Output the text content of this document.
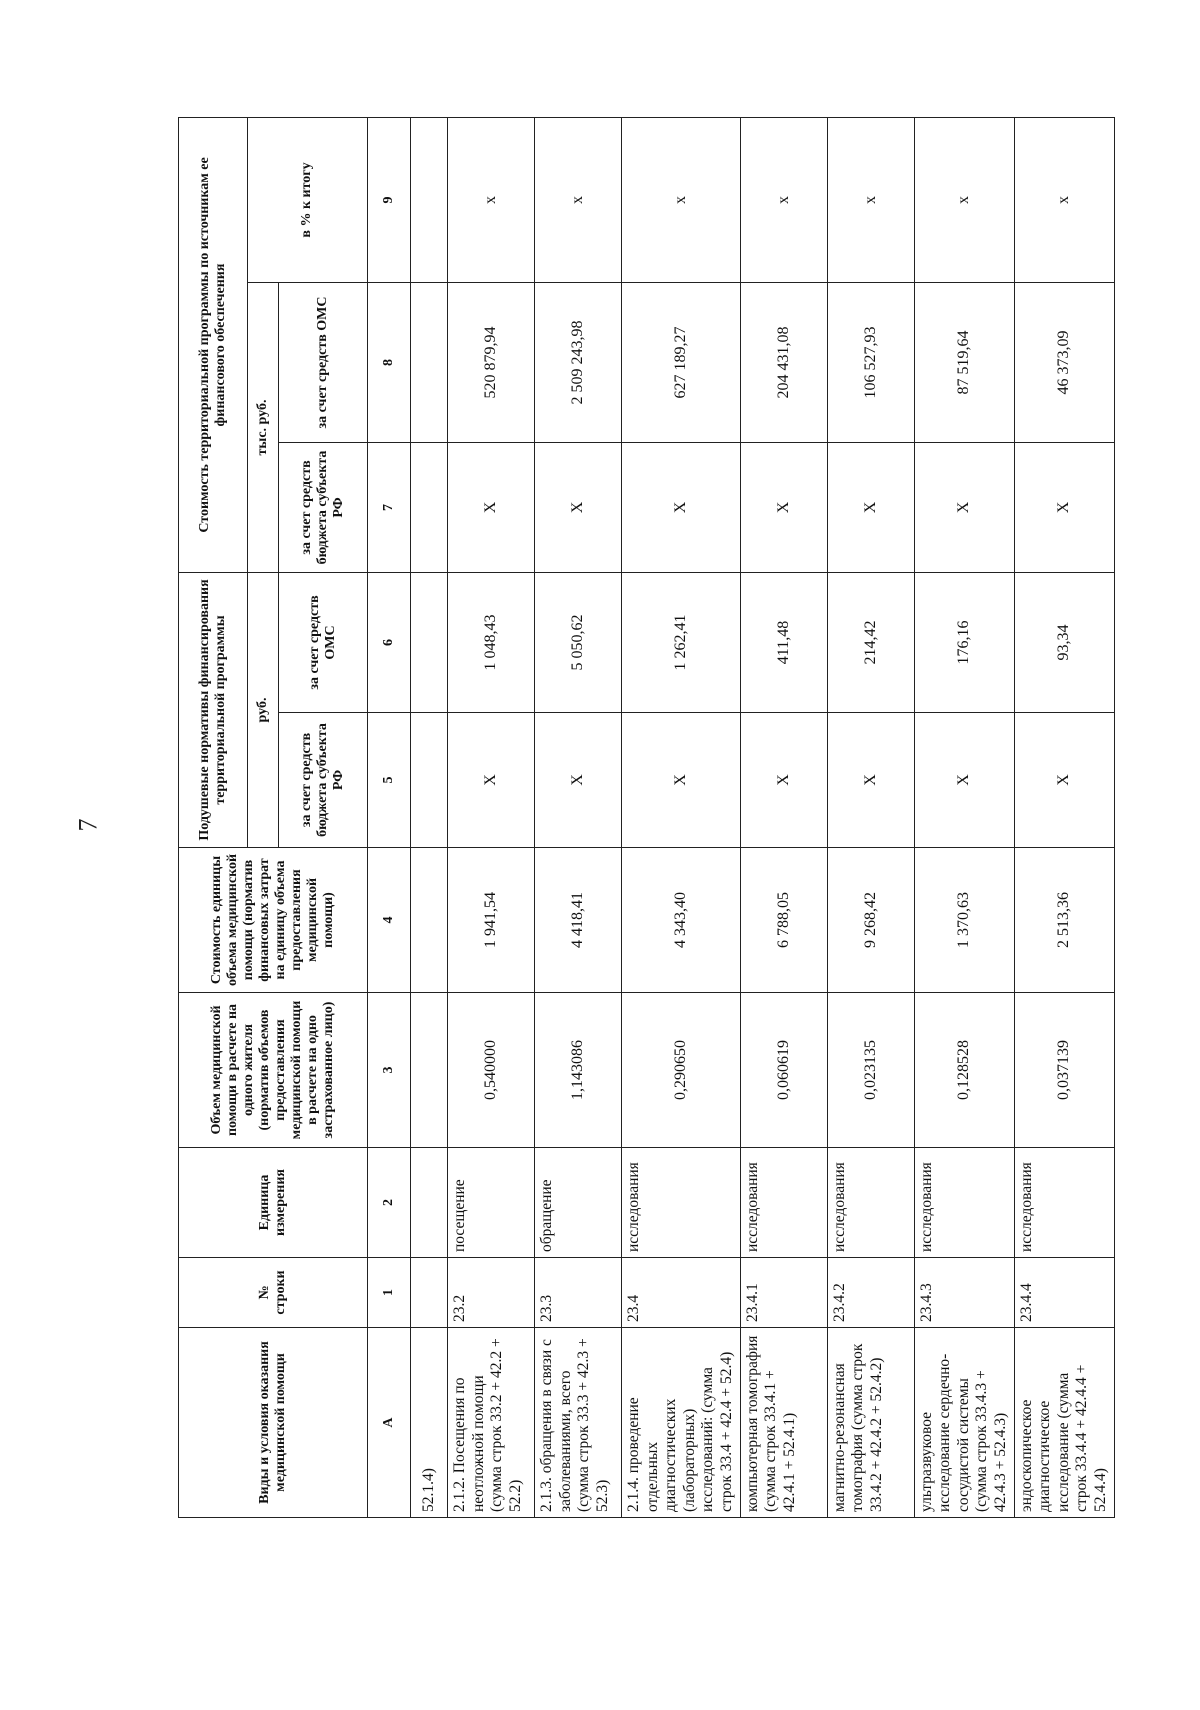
7
Виды и условия оказания медицинской помощи	№ строки	Единица измерения	Объем медицинской помощи в расчете на одного жителя (норматив объемов предоставления медицинской помощи в расчете на одно застрахованное лицо)	Стоимость единицы объема медицинской помощи (норматив финансовых затрат на единицу объема предоставления медицинской помощи)	Подушевые нормативы финансирования территориальной программы		Стоимость территориальной программы по источникам ее финансового обеспечения		
					руб.		тыс. руб.		в % к итогу
					за счет средств бюджета субъекта РФ	за счет средств ОМС	за счет средств бюджета субъекта РФ	за счет средств ОМС	
А	1	2	3	4	5	6	7	8	9
52.1.4)									
2.1.2. Посещения по неотложной помощи (сумма строк 33.2 + 42.2 + 52.2)	23.2	посещение	0,540000	1 941,54	X	1 048,43	X	520 879,94	х
2.1.3. обращения в связи с заболеваниями, всего (сумма строк 33.3 + 42.3 + 52.3)	23.3	обращение	1,143086	4 418,41	X	5 050,62	X	2 509 243,98	х
2.1.4. проведение отдельных диагностических (лабораторных) исследований: (сумма строк 33.4 + 42.4 + 52.4)	23.4	исследования	0,290650	4 343,40	X	1 262,41	X	627 189,27	х
компьютерная томография (сумма строк 33.4.1 + 42.4.1 + 52.4.1)	23.4.1	исследования	0,060619	6 788,05	X	411,48	X	204 431,08	x
магнитно-резонансная томография (сумма строк 33.4.2 + 42.4.2 + 52.4.2)	23.4.2	исследования	0,023135	9 268,42	X	214,42	X	106 527,93	х
ультразвуковое исследование сердечно-сосудистой системы (сумма строк 33.4.3 + 42.4.3 + 52.4.3)	23.4.3	исследования	0,128528	1 370,63	X	176,16	X	87 519,64	х
эндоскопическое диагностическое исследование (сумма строк 33.4.4 + 42.4.4 + 52.4.4)	23.4.4	исследования	0,037139	2 513,36	X	93,34	X	46 373,09	х
